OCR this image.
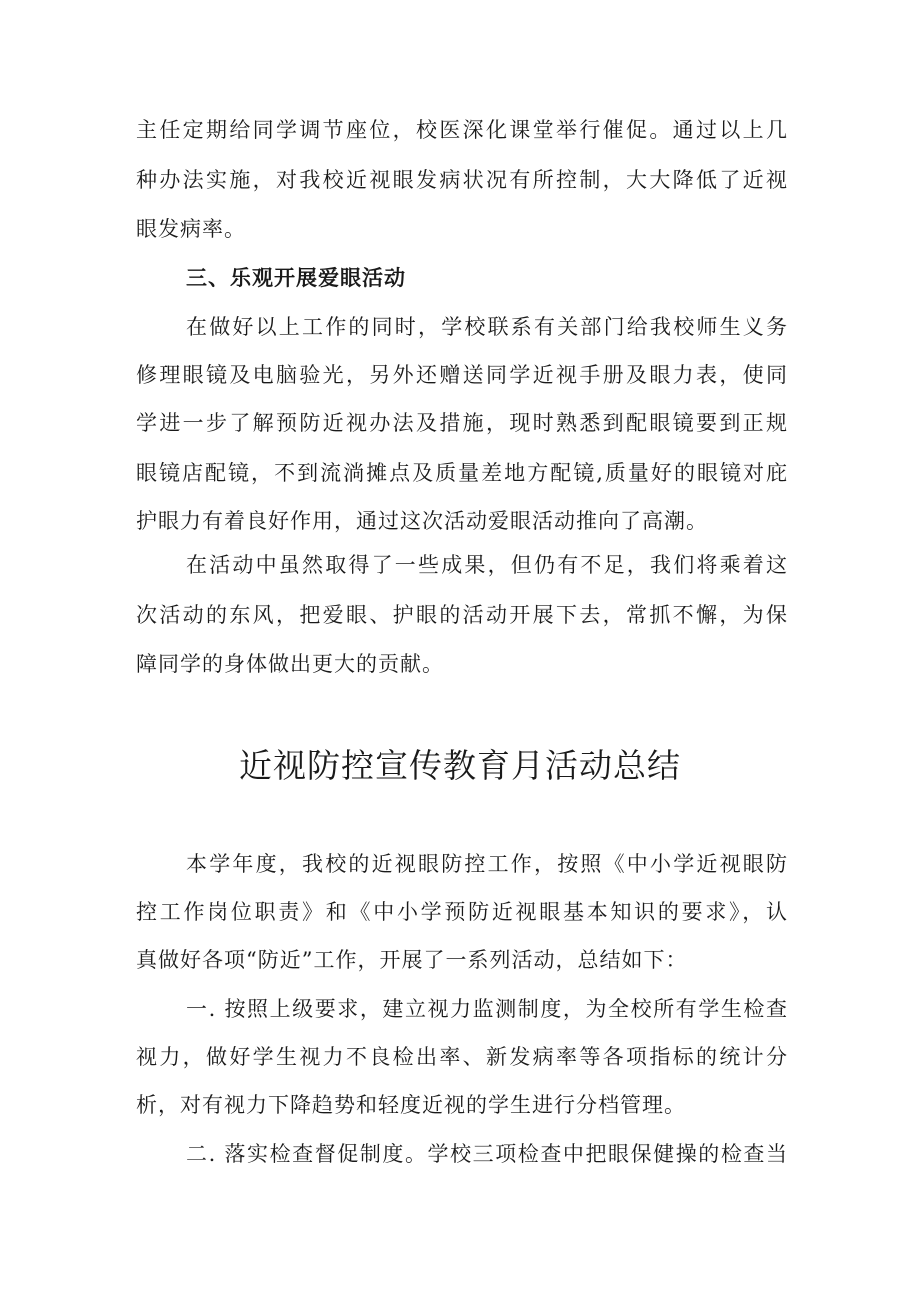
主任定期给同学调节座位，校医深化课堂举行催促。通过以上几
种办法实施，对我校近视眼发病状况有所控制，大大降低了近视
眼发病率。
三、乐观开展爱眼活动
在做好以上工作的同时，学校联系有关部门给我校师生义务
修理眼镜及电脑验光，另外还赠送同学近视手册及眼力表，使同
学进一步了解预防近视办法及措施，现时熟悉到配眼镜要到正规
眼镜店配镜，不到流淌摊点及质量差地方配镜,质量好的眼镜对庇
护眼力有着良好作用，通过这次活动爱眼活动推向了高潮。
在活动中虽然取得了一些成果，但仍有不足，我们将乘着这
次活动的东风，把爱眼、护眼的活动开展下去，常抓不懈，为保
障同学的身体做出更大的贡献。
近视防控宣传教育月活动总结
本学年度，我校的近视眼防控工作，按照《中小学近视眼防
控工作岗位职责》和《中小学预防近视眼基本知识的要求》，认
真做好各项“防近”工作，开展了一系列活动，总结如下：
一. 按照上级要求，建立视力监测制度，为全校所有学生检查
视力，做好学生视力不良检出率、新发病率等各项指标的统计分
析，对有视力下降趋势和轻度近视的学生进行分档管理。
二. 落实检查督促制度。学校三项检查中把眼保健操的检查当
